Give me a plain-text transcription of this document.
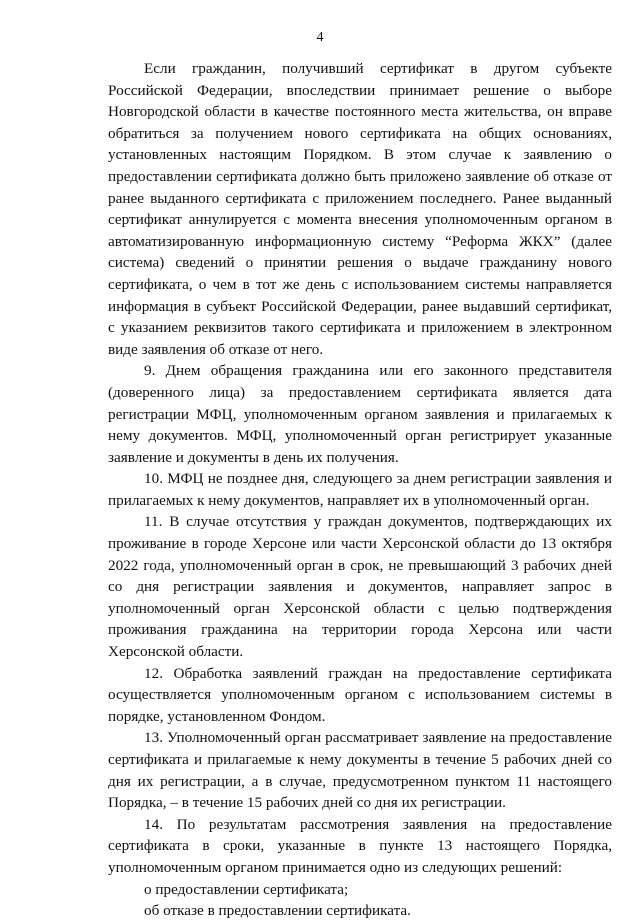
4

Если гражданин, получивший сертификат в другом субъекте Российской Федерации, впоследствии принимает решение о выборе Новгородской области в качестве постоянного места жительства, он вправе обратиться за получением нового сертификата на общих основаниях, установленных настоящим Порядком. В этом случае к заявлению о предоставлении сертификата должно быть приложено заявление об отказе от ранее выданного сертификата с приложением последнего. Ранее выданный сертификат аннулируется с момента внесения уполномоченным органом в автоматизированную информационную систему “Реформа ЖКХ” (далее система) сведений о принятии решения о выдаче гражданину нового сертификата, о чем в тот же день с использованием системы направляется информация в субъект Российской Федерации, ранее выдавший сертификат, с указанием реквизитов такого сертификата и приложением в электронном виде заявления об отказе от него.

9. Днем обращения гражданина или его законного представителя (доверенного лица) за предоставлением сертификата является дата регистрации МФЦ, уполномоченным органом заявления и прилагаемых к нему документов. МФЦ, уполномоченный орган регистрирует указанные заявление и документы в день их получения.

10. МФЦ не позднее дня, следующего за днем регистрации заявления и прилагаемых к нему документов, направляет их в уполномоченный орган.

11. В случае отсутствия у граждан документов, подтверждающих их проживание в городе Херсоне или части Херсонской области до 13 октября 2022 года, уполномоченный орган в срок, не превышающий 3 рабочих дней со дня регистрации заявления и документов, направляет запрос в уполномоченный орган Херсонской области с целью подтверждения проживания гражданина на территории города Херсона или части Херсонской области.

12. Обработка заявлений граждан на предоставление сертификата осуществляется уполномоченным органом с использованием системы в порядке, установленном Фондом.

13. Уполномоченный орган рассматривает заявление на предоставление сертификата и прилагаемые к нему документы в течение 5 рабочих дней со дня их регистрации, а в случае, предусмотренном пунктом 11 настоящего Порядка, – в течение 15 рабочих дней со дня их регистрации.

14. По результатам рассмотрения заявления на предоставление сертификата в сроки, указанные в пункте 13 настоящего Порядка, уполномоченным органом принимается одно из следующих решений:

о предоставлении сертификата;

об отказе в предоставлении сертификата.
